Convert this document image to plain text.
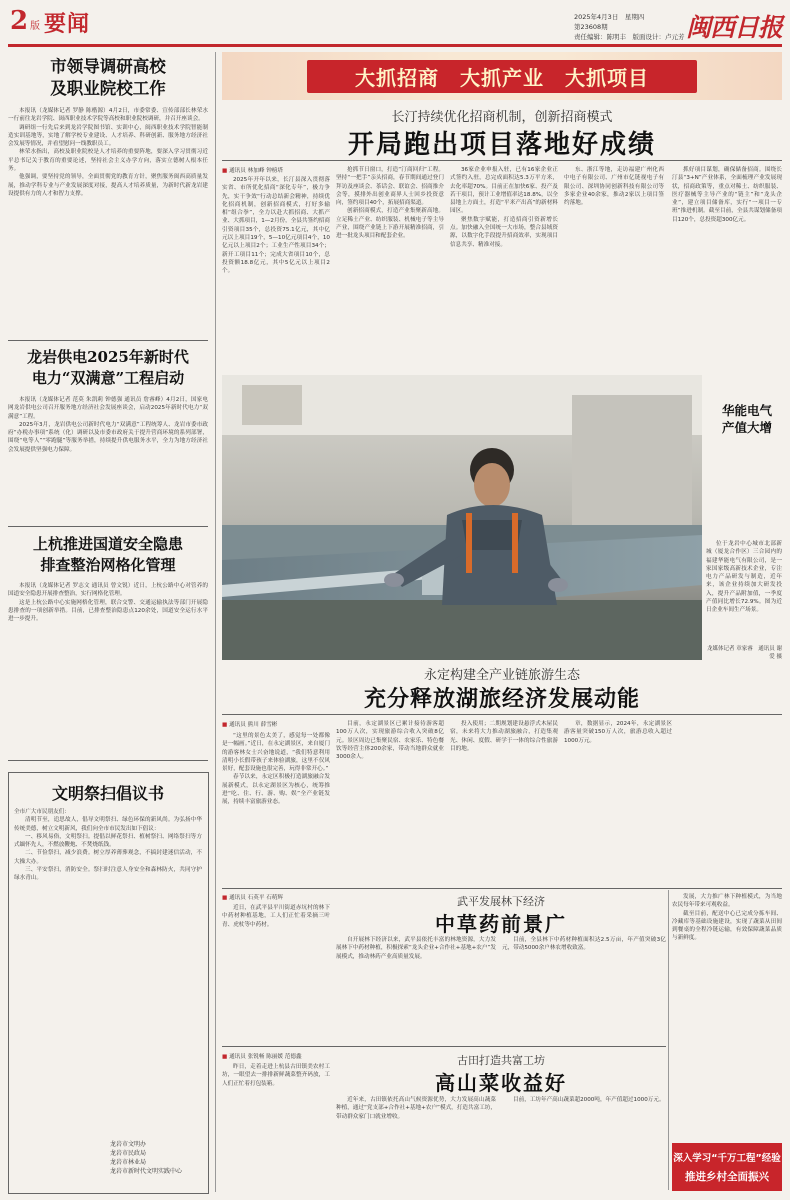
2 版 要闻	2025年4月3日　星期四
第23608期
责任编辑：陈明丰　版面设计：卢元芳 闽西日报
市领导调研高校
及职业院校工作

本报讯（龙媒体记者 罗静 陈楷源）4月2日，市委常委、宣传部部长林荣水一行前往龙岩学院、闽西职业技术学院等高校和职业院校调研，并召开座谈会。

调研组一行先后来到龙岩学院图书馆、实训中心，闽西职业技术学院智能制造实训基地等，实地了解学校专业建设、人才培养、科研创新、服务地方经济社会发展等情况，并看望慰问一线教职员工。

林荣水指出，高校及职业院校是人才培养的重要阵地，要深入学习贯彻习近平总书记关于教育的重要论述，坚持社会主义办学方向，落实立德树人根本任务。

他强调，要坚持党的领导，全面贯彻党的教育方针，聚焦服务闽西高质量发展，推动学科专业与产业发展深度对接，提高人才培养质量，为新时代新龙岩建设提供有力的人才和智力支撑。

龙岩供电2025年新时代
电力“双满意”工程启动

本报讯（龙媒体记者 范莫 朱凯莉 钟德强 通讯员 詹睿峰）4月2日，国家电网龙岩供电公司召开服务地方经济社会发展座谈会，启动2025年新时代电力“双满意”工程。

2025年3月，龙岩供电公司新时代电力“双满意”工程统筹人、龙岩市委市政府“办税办事项”系统（化）调研以及市委市政府关于提升营商环境的系列部署，围绕“电等人”“零跑腿”等服务举措，持续提升供电服务水平，全力为地方经济社会发展提供坚强电力保障。

上杭推进国道安全隐患
排查整治网格化管理

本报讯（龙媒体记者 罗志文 通讯员 曾文锐）近日，上杭公路中心对管养的国道安全隐患开展排查整治，实行网格化管理。

这是上杭公路中心实施网格化管理，联合交警、交通运输执法等部门开展隐患排查的一项创新举措。目前，已排查整治隐患点120余处，国道安全运行水平进一步提升。

文明祭扫倡议书

全市广大市民朋友们：

清明节至，追思故人，倡导文明祭扫、绿色环保的新风尚。为弘扬中华传统美德，树立文明新风，我们向全市市民发出如下倡议：

一、移风易俗，文明祭扫。提倡以鲜花祭扫、植树祭扫、网络祭扫等方式缅怀先人，不燃放鞭炮、不焚烧纸钱。

二、节俭祭扫，减少浪费。树立厚养薄葬观念，不搞封建迷信活动，不大操大办。

三、平安祭扫，消防安全。祭扫时注意人身安全和森林防火，共同守护绿水青山。

龙岩市文明办
龙岩市民政局
龙岩市林业局
龙岩市新时代文明实践中心
大抓招商　大抓产业　大抓项目
长汀持续优化招商机制，创新招商模式
开局跑出项目落地好成绩
■ 通讯员 林加峰 钟榜塔

2025年开年以来，长汀县深入贯彻落实省、市所优化招商“深化专年”，极力争先，实干争效“行动总结新会精神，持续优化招商机制，创新招商模式，打好多输相“组合拳”，全力以赴大抓招商、大抓产业、大抓项目，1—2月份，全县共签约招商引资项目35个，总投资75.1亿元，其中亿元以上项目19个，5—10亿元项目4个，10亿元以上项目2个；工业生产性项目34个；新开工项目11个；完成大省项目10个，总投资额18.8亿元，其中5亿元以上项目2个。

抢抓节日窗口，打造“汀商回归”工程。坚持“一把手”亲头招商，春节期间通过登门拜访及座谈会、茶话会、联谊会、招商推介会等，摸排外出创业商界人士回乡投资意向，签约项目40个，拓展招商渠道。

创新招商模式，打造产业集聚新高地。立足稀土产业、纺织服装、机械电子等主导产业，围绕产业链上下游开展精准招商，引进一批龙头项目和配套企业。

36家企业申报入驻，已有16家企业正式签约入驻，总完成面积达5.3万平方米，去化率超70%。目前正在加快6家、投产及若干项目，预计工业增值率达18.8%，以全县地上方面土，打造“平米产出高”的新材料园区。

聚焦数字赋能，打造招商引资新增长点。加快融入全国统一大市场，整合县域资源，以数字化手段提升招商效率，实现项目信息共享、精准对接。

东、浙江等地，走访福建广州化西中电子有限公司、广州市亿链视电子有限公司、深圳协同创新科技有限公司等多家企业40余家，推动2家以上项目签约落地。

抓好项目谋划，确保储备招商。围绕长汀县“3+N”产业体系，全面梳理产业发展现状，招商政策等，重点对稀土、纺织服装、医疗器械等主导产业的“链主”和“龙头企业”，建立项目储备库，实行“一项目一专班”推进机制。截至目前，全县共谋划储备项目120个，总投资超300亿元。

华能电气
产值大增

位于龙岩中心城市北部新城（厦龙合作区）三合园内的福建华能电气有限公司，是一家国家级高新技术企业，专注电力产品研发与制造，近年来，该企业持续加大研发投入，提升产品附加值，一季度产值同比增长72.9%。图为近日企业车间生产场景。

龙媒体记者 章家睿　通讯员 谢爱 摄
永定构建全产业链旅游生态
充分释放湖旅经济发展动能
■ 通讯员 熊川 薛雪彬

“这里的景色太美了，感觉每一处都像是一幅画。”近日，在永定湖景区，来自厦门的游客林女士兴奋地说道，“我们特意利用清明小长假带孩子来体验湖旅，这里不仅风景好，配套设施也很完善，玩得非常开心。”

春节以来，永定区积极打造湖旅融合发展新模式，以永定湖景区为核心，统筹推进“吃、住、行、游、购、娱”全产业链发展，持续丰富旅游业态。

目前，永定湖景区已累计接待游客超100万人次，实现旅游综合收入突破8亿元。景区周边已集聚民宿、农家乐、特色餐饮等经营主体200余家，带动当地群众就业3000余人。

投入使用；二期规划建设悬浮式木屋民宿，未来将大力推动湖旅融合，打造集观光、休闲、度假、研学于一体的综合性旅游目的地。

章，数据显示，2024年，永定湖景区游客量突破150万人次，旅游总收入超过1000万元。

武平发展林下经济
中草药前景广
■ 通讯员 石英平 石萌辉

近日，在武平县平川街道赤坑村的林下中药材种植基地，工人们正忙着采摘三叶青、虎杖等中药材。

自开展林下经济以来，武平县依托丰富的林地资源，大力发展林下中药材种植，积极探索“龙头企业+合作社+基地+农户”发展模式，推动林药产业高质量发展。

目前，全县林下中药材种植面积达2.5万亩，年产值突破3亿元，带动5000余户林农增收致富。

发展，大力推广林下种植模式，为当地农民每年带来可观收益。

截至目前，配送中心已完成分拣车间、冷藏库等基础设施建设，实现了蔬菜从田间到餐桌的全程冷链运输，有效保障蔬菜品质与新鲜度。

古田打造共富工坊
高山菜收益好
■ 通讯员 张锐畅 陈丽媛 范德鑫

昨日，走着走进上杭县古田镇美农村工坊，一眼望去一排排新鲜蔬菜整齐码放，工人们正忙着打包装箱。

近年来，古田镇依托高山气候资源优势，大力发展高山蔬菜种植，通过“党支部+合作社+基地+农户”模式，打造共富工坊，带动群众家门口就业增收。

目前，工坊年产高山蔬菜超2000吨，年产值超过1000万元。

深入学习“千万工程”经验
推进乡村全面振兴
